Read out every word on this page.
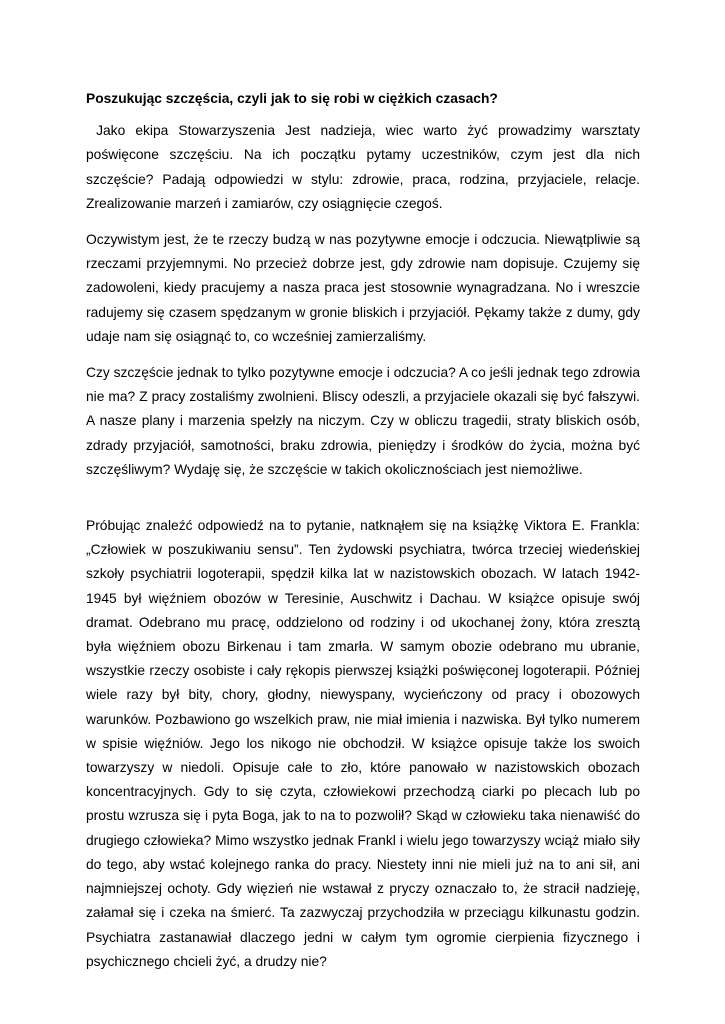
Poszukując szczęścia, czyli jak to się robi w ciężkich czasach?

Jako ekipa Stowarzyszenia Jest nadzieja, wiec warto żyć prowadzimy warsztaty poświęcone szczęściu. Na ich początku pytamy uczestników, czym jest dla nich szczęście? Padają odpowiedzi w stylu: zdrowie, praca, rodzina, przyjaciele, relacje. Zrealizowanie marzeń i zamiarów, czy osiągnięcie czegoś.

Oczywistym jest, że te rzeczy budzą w nas pozytywne emocje i odczucia. Niewątpliwie są rzeczami przyjemnymi. No przecież dobrze jest, gdy zdrowie nam dopisuje. Czujemy się zadowoleni, kiedy pracujemy a nasza praca jest stosownie wynagradzana. No i wreszcie radujemy się czasem spędzanym w gronie bliskich i przyjaciół. Pękamy także z dumy, gdy udaje nam się osiągnąć to, co wcześniej zamierzaliśmy.

Czy szczęście jednak to tylko pozytywne emocje i odczucia? A co jeśli jednak tego zdrowia nie ma? Z pracy zostaliśmy zwolnieni. Bliscy odeszli, a przyjaciele okazali się być fałszywi. A nasze plany i marzenia spełzły na niczym. Czy w obliczu tragedii, straty bliskich osób, zdrady przyjaciół, samotności, braku zdrowia, pieniędzy i środków do życia, można być szczęśliwym? Wydaję się, że szczęście w takich okolicznościach jest niemożliwe.

Próbując znaleźć odpowiedź na to pytanie, natknąłem się na książkę Viktora E. Frankla: „Człowiek w poszukiwaniu sensu”. Ten żydowski psychiatra, twórca trzeciej wiedeńskiej szkoły psychiatrii logoterapii, spędził kilka lat w nazistowskich obozach. W latach 1942-1945 był więźniem obozów w Teresinie, Auschwitz i Dachau. W książce opisuje swój dramat. Odebrano mu pracę, oddzielono od rodziny i od ukochanej żony, która zresztą była więźniem obozu Birkenau i tam zmarła. W samym obozie odebrano mu ubranie, wszystkie rzeczy osobiste i cały rękopis pierwszej książki poświęconej logoterapii. Później wiele razy był bity, chory, głodny, niewyspany, wycieńczony od pracy i obozowych warunków. Pozbawiono go wszelkich praw, nie miał imienia i nazwiska. Był tylko numerem w spisie więźniów. Jego los nikogo nie obchodził. W książce opisuje także los swoich towarzyszy w niedoli. Opisuje całe to zło, które panowało w nazistowskich obozach koncentracyjnych. Gdy to się czyta, człowiekowi przechodzą ciarki po plecach lub po prostu wzrusza się i pyta Boga, jak to na to pozwolił? Skąd w człowieku taka nienawiść do drugiego człowieka? Mimo wszystko jednak Frankl i wielu jego towarzyszy wciąż miało siły do tego, aby wstać kolejnego ranka do pracy. Niestety inni nie mieli już na to ani sił, ani najmniejszej ochoty. Gdy więzień nie wstawał z pryczy oznaczało to, że stracił nadzieję, załamał się i czeka na śmierć. Ta zazwyczaj przychodziła w przeciągu kilkunastu godzin. Psychiatra zastanawiał dlaczego jedni w całym tym ogromie cierpienia fizycznego i psychicznego chcieli żyć, a drudzy nie?
